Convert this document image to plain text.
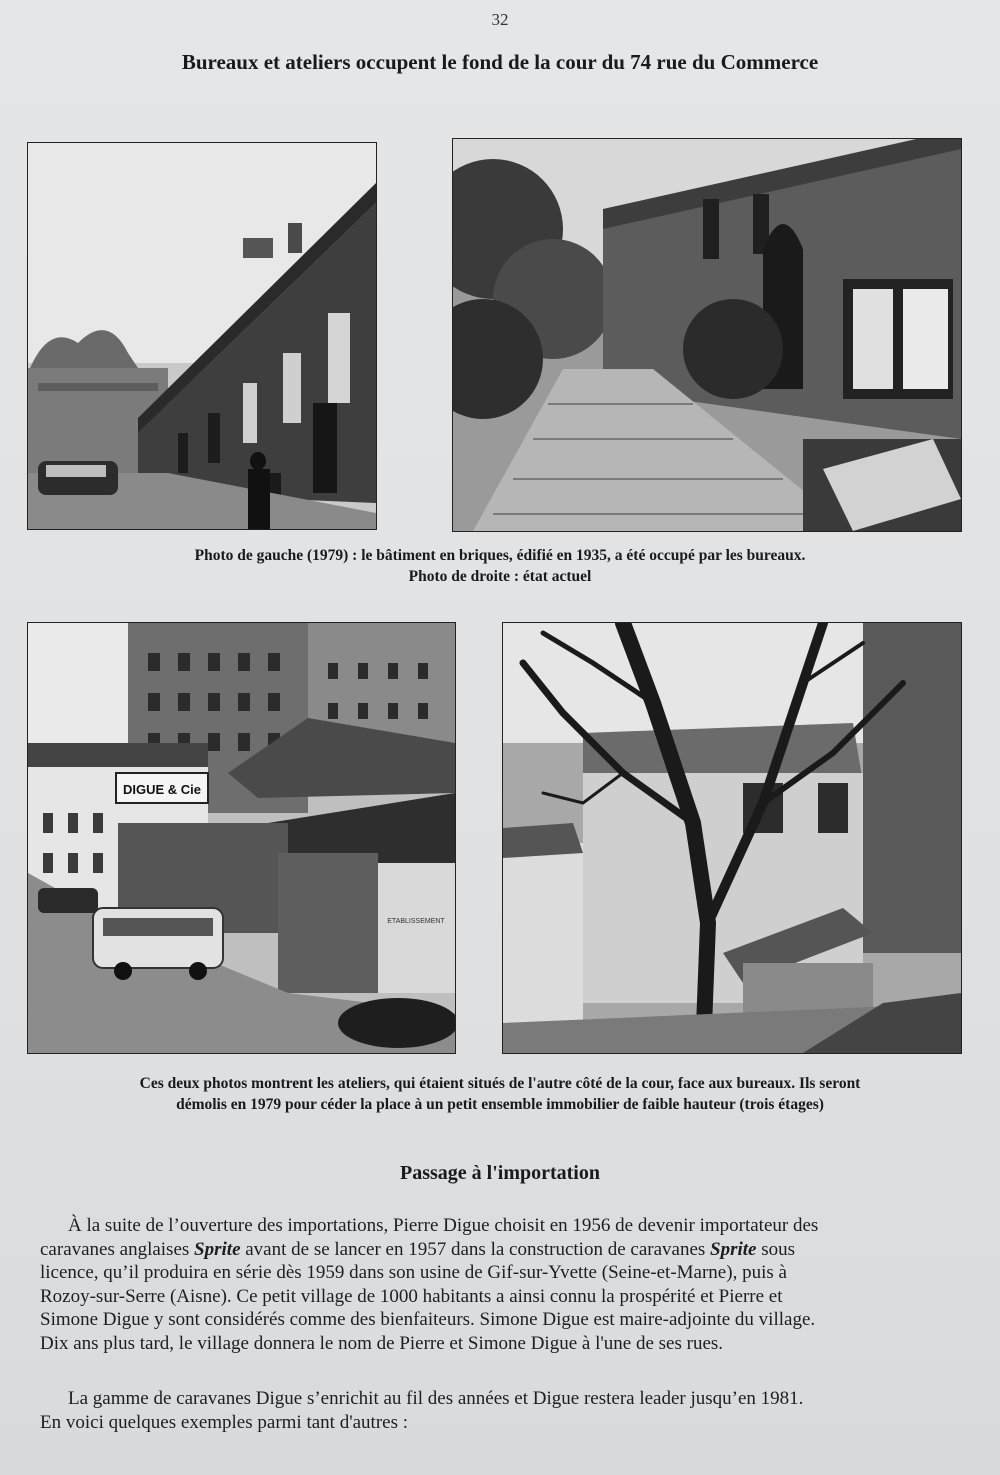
32
Bureaux et ateliers occupent le fond de la cour du 74 rue du Commerce
Photo de gauche (1979) : le bâtiment en briques, édifié en 1935, a été occupé par les bureaux.
Photo de droite : état actuel
DIGUE & Cie
ETABLISSEMENT
Ces deux photos montrent les ateliers, qui étaient situés de l'autre côté de la cour, face aux bureaux. Ils seront
démolis en 1979 pour céder la place à un petit ensemble immobilier de faible hauteur (trois étages)
Passage à l'importation
À la suite de l’ouverture des importations, Pierre Digue choisit en 1956 de devenir importateur des
caravanes anglaises Sprite avant de se lancer en 1957 dans la construction de caravanes Sprite sous
licence, qu’il produira en série dès 1959 dans son usine de Gif-sur-Yvette (Seine-et-Marne), puis à
Rozoy-sur-Serre (Aisne). Ce petit village de 1000 habitants a ainsi connu la prospérité et Pierre et
Simone Digue y sont considérés comme des bienfaiteurs. Simone Digue est maire-adjointe du village.
Dix ans plus tard, le village donnera le nom de Pierre et Simone Digue à l'une de ses rues.
La gamme de caravanes Digue s’enrichit au fil des années et Digue restera leader jusqu’en 1981.
En voici quelques exemples parmi tant d'autres :
